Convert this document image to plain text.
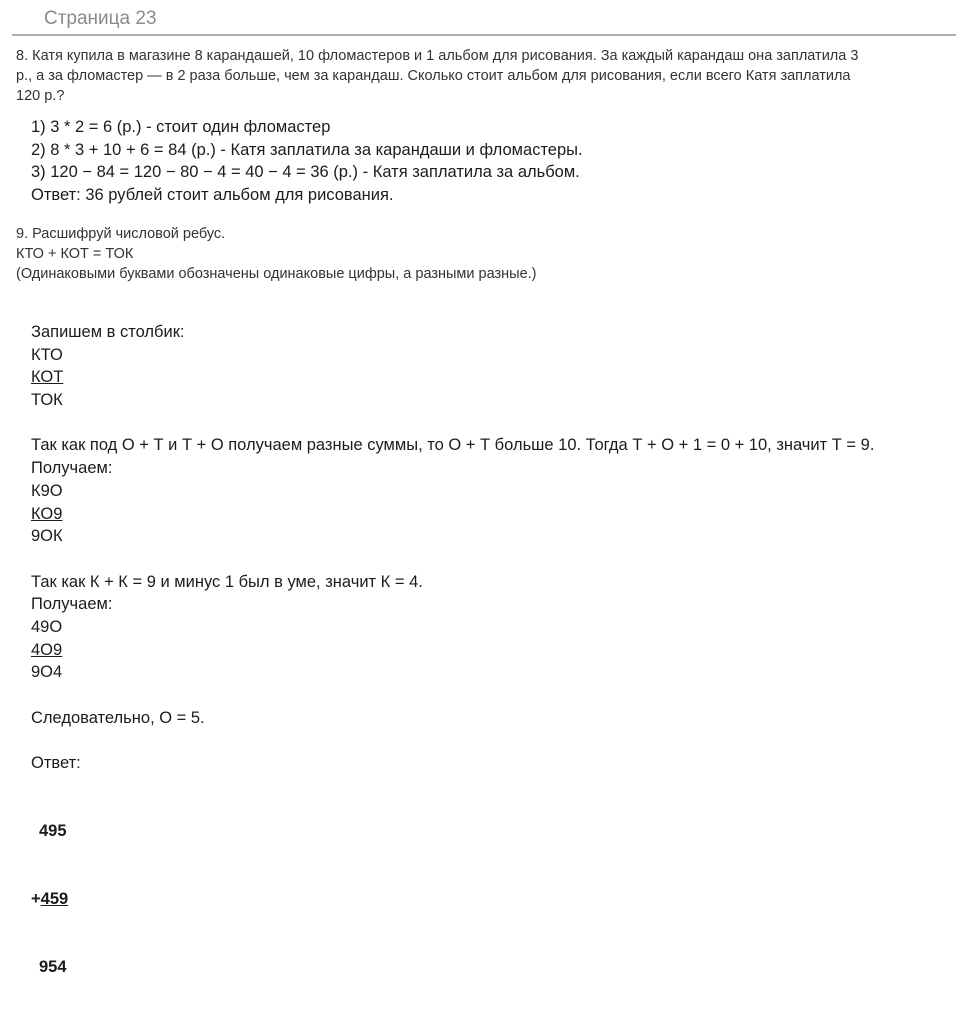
Страница 23

8. Катя купила в магазине 8 карандашей, 10 фломастеров и 1 альбом для рисования. За каждый карандаш она заплатила 3

р., а за фломастер — в 2 раза больше, чем за карандаш. Сколько стоит альбом для рисования, если всего Катя заплатила

120 р.?

1) 3 * 2 = 6 (р.) - стоит один фломастер
2) 8 * 3 + 10 + 6 = 84 (р.) - Катя заплатила за карандаши и фломастеры.
3) 120 − 84 = 120 − 80 − 4 = 40 − 4 = 36 (р.) - Катя заплатила за альбом.
Ответ: 36 рублей стоит альбом для рисования.

9. Расшифруй числовой ребус.

КТО + КОТ = ТОК

(Одинаковыми буквами обозначены одинаковые цифры, а разными разные.)

Запишем в столбик:
КТО
КОТ
ТОК
Так как под О + Т и Т + О получаем разные суммы, то О + Т больше 10. Тогда Т + О + 1 = 0 + 10, значит Т = 9.
Получаем:
К9О
КО9
9ОК
Так как К + К = 9 и минус 1 был в уме, значит К = 4.
Получаем:
49О
4О9
9О4
Следовательно, О = 5.
Ответ:

495

+459

954
